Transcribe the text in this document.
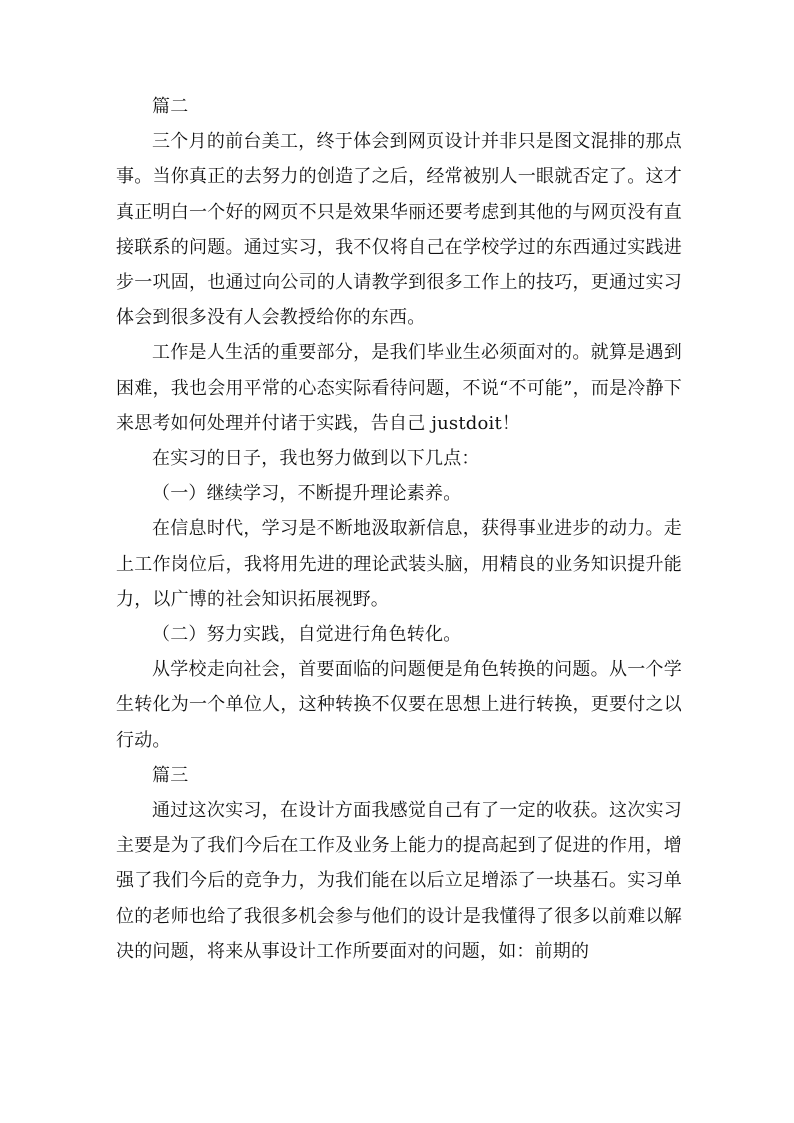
篇二

三个月的前台美工，终于体会到网页设计并非只是图文混排的那点事。当你真正的去努力的创造了之后，经常被别人一眼就否定了。这才真正明白一个好的网页不只是效果华丽还要考虑到其他的与网页没有直接联系的问题。通过实习，我不仅将自己在学校学过的东西通过实践进步一巩固，也通过向公司的人请教学到很多工作上的技巧，更通过实习体会到很多没有人会教授给你的东西。

工作是人生活的重要部分，是我们毕业生必须面对的。就算是遇到困难，我也会用平常的心态实际看待问题，不说“不可能”，而是冷静下来思考如何处理并付诸于实践，告自己 justdoit！

在实习的日子，我也努力做到以下几点：

（一）继续学习，不断提升理论素养。

在信息时代，学习是不断地汲取新信息，获得事业进步的动力。走上工作岗位后，我将用先进的理论武装头脑，用精良的业务知识提升能力，以广博的社会知识拓展视野。

（二）努力实践，自觉进行角色转化。

从学校走向社会，首要面临的问题便是角色转换的问题。从一个学生转化为一个单位人，这种转换不仅要在思想上进行转换，更要付之以行动。

篇三

通过这次实习，在设计方面我感觉自己有了一定的收获。这次实习主要是为了我们今后在工作及业务上能力的提高起到了促进的作用，增强了我们今后的竞争力，为我们能在以后立足增添了一块基石。实习单位的老师也给了我很多机会参与他们的设计是我懂得了很多以前难以解决的问题，将来从事设计工作所要面对的问题，如：前期的
